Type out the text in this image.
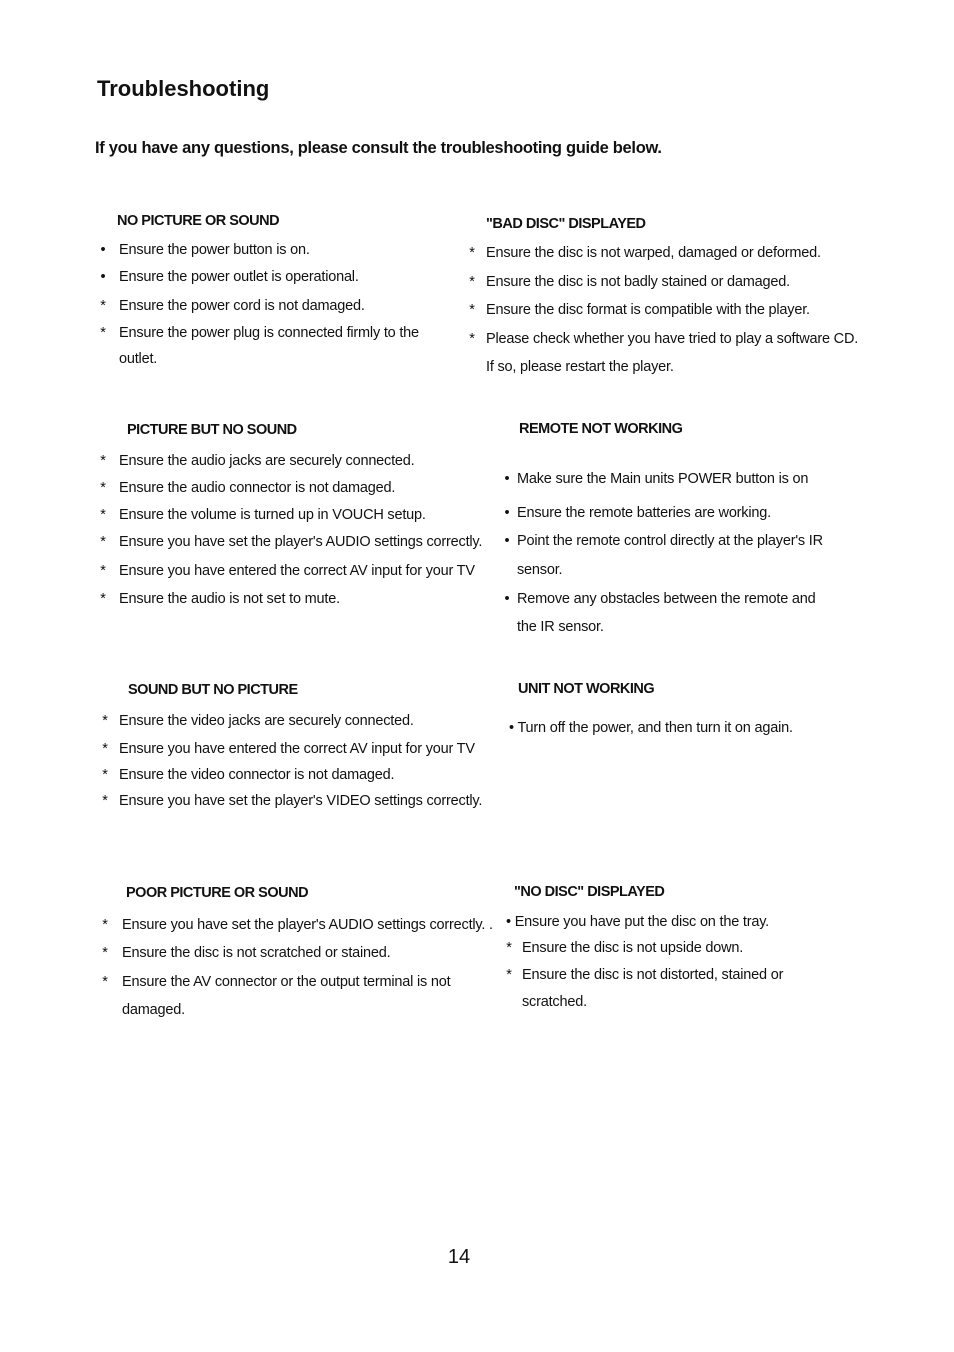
Troubleshooting

If you have any questions, please consult the troubleshooting guide below.

NO PICTURE OR SOUND
• Ensure the power button is on.
• Ensure the power outlet is operational.
* Ensure the power cord is not damaged.
* Ensure the power plug is connected firmly to the
outlet.
"BAD DISC" DISPLAYED
* Ensure the disc is not warped, damaged or deformed.
* Ensure the disc is not badly stained or damaged.
* Ensure the disc format is compatible with the player.
* Please check whether you have tried to play a software CD.
If so, please restart the player.
PICTURE BUT NO SOUND
* Ensure the audio jacks are securely connected.
* Ensure the audio connector is not damaged.
* Ensure the volume is turned up in VOUCH setup.
* Ensure you have set the player's AUDIO settings correctly.
* Ensure you have entered the correct AV input for your TV
* Ensure the audio is not set to mute.
REMOTE NOT WORKING
• Make sure the Main units POWER button is on
• Ensure the remote batteries are working.
• Point the remote control directly at the player's IR
sensor.
• Remove any obstacles between the remote and
the IR sensor.
SOUND BUT NO PICTURE
* Ensure the video jacks are securely connected.
* Ensure you have entered the correct AV input for your TV
* Ensure the video connector is not damaged.
* Ensure you have set the player's VIDEO settings correctly.
UNIT NOT WORKING
• Turn off the power, and then turn it on again.
POOR PICTURE OR SOUND
* Ensure you have set the player's AUDIO settings correctly. .
* Ensure the disc is not scratched or stained.
* Ensure the AV connector or the output terminal is not
damaged.
"NO DISC" DISPLAYED
• Ensure you have put the disc on the tray.
* Ensure the disc is not upside down.
* Ensure the disc is not distorted, stained or
scratched.

14
